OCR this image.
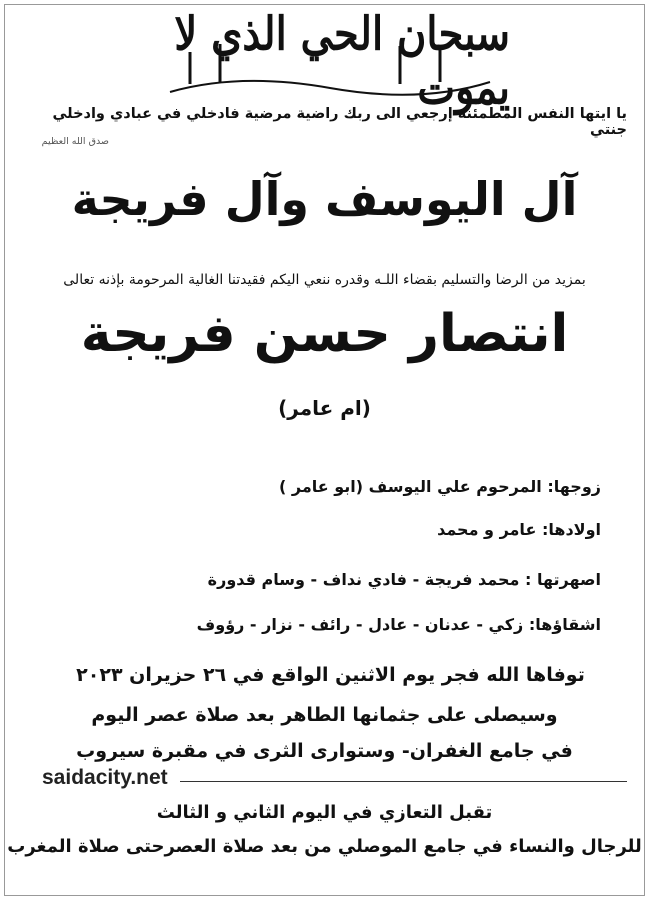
سبحان الحي الذي لا يموت
يا ايتها النفس المطمئنة إرجعي الى ربك راضية مرضية فادخلي في عبادي وادخلي جنتي
صدق الله العظيم
آل اليوسف وآل فريجة
بمزيد من الرضا والتسليم بقضاء اللـه وقدره ننعي اليكم فقيدتنا الغالية المرحومة بإذنه تعالى
انتصار حسن فريجة
(ام عامر)
زوجها: المرحوم علي اليوسف (ابو عامر )
اولادها: عامر و محمد
اصهرتها : محمد فريجة - فادي نداف - وسام قدورة
اشقاؤها: زكي - عدنان - عادل - رائف - نزار - رؤوف
توفاها الله فجر يوم الاثنين الواقع في ٢٦ حزيران ٢٠٢٣
وسيصلى على جثمانها الطاهر بعد صلاة عصر اليوم
في جامع الغفران- وستوارى الثرى في مقبرة سيروب
saidacity.net
تقبل التعازي في اليوم الثاني و الثالث
للرجال والنساء في جامع الموصلي من بعد صلاة العصرحتى صلاة المغرب
